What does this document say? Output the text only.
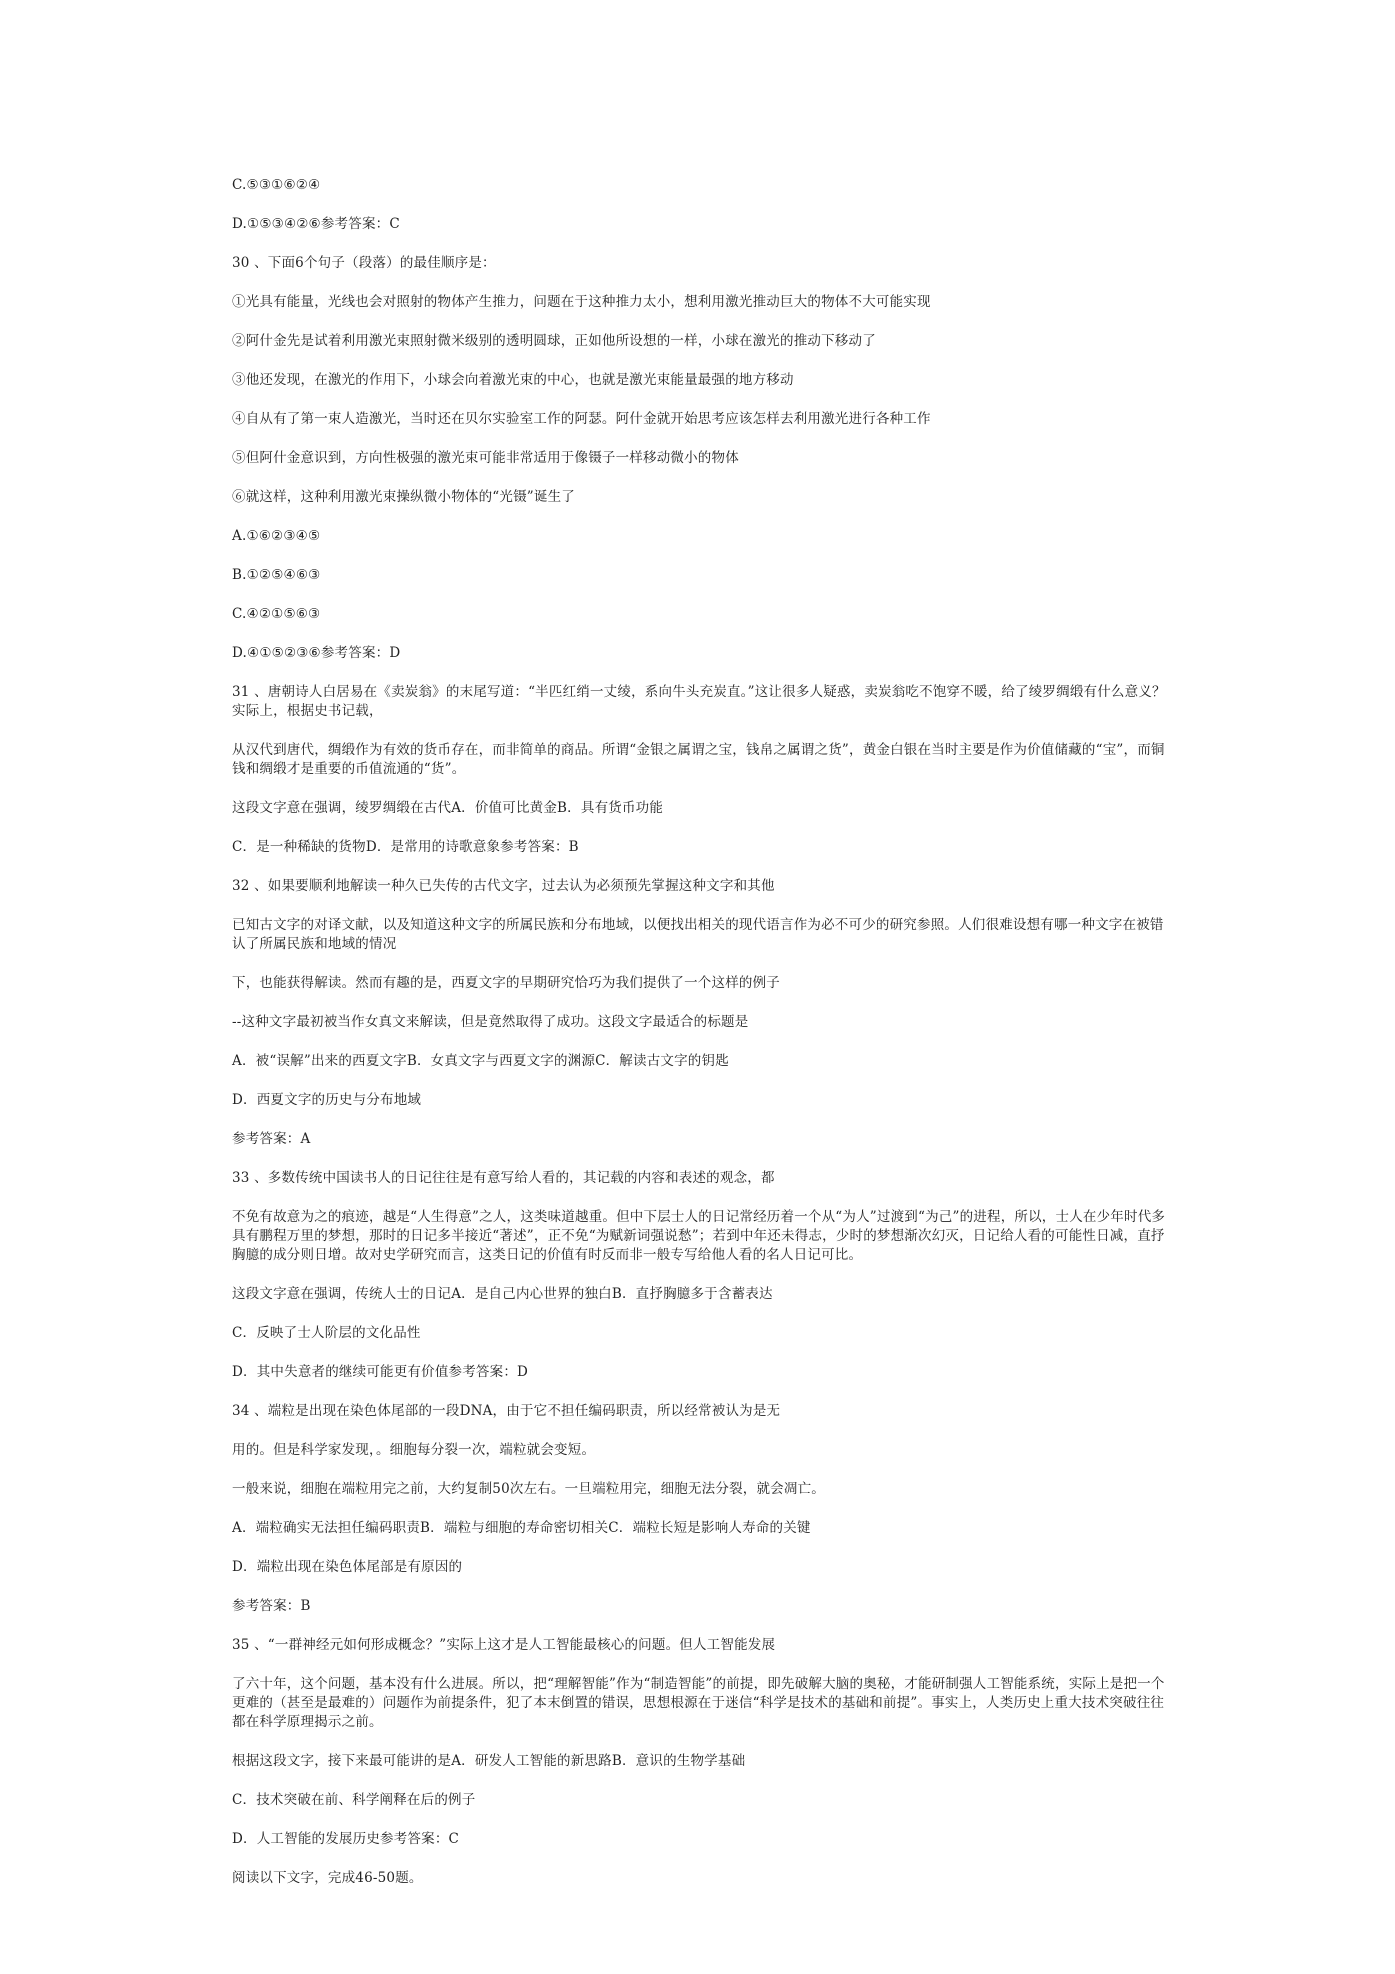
C.⑤③①⑥②④

D.①⑤③④②⑥参考答案：C

30 、下面6个句子（段落）的最佳顺序是：

①光具有能量，光线也会对照射的物体产生推力，问题在于这种推力太小，想利用激光推动巨大的物体不大可能实现

②阿什金先是试着利用激光束照射微米级别的透明圆球，正如他所设想的一样，小球在激光的推动下移动了

③他还发现，在激光的作用下，小球会向着激光束的中心，也就是激光束能量最强的地方移动

④自从有了第一束人造激光，当时还在贝尔实验室工作的阿瑟。阿什金就开始思考应该怎样去利用激光进行各种工作

⑤但阿什金意识到，方向性极强的激光束可能非常适用于像镊子一样移动微小的物体

⑥就这样，这种利用激光束操纵微小物体的“光镊”诞生了

A.①⑥②③④⑤

B.①②⑤④⑥③

C.④②①⑤⑥③

D.④①⑤②③⑥参考答案：D

31 、唐朝诗人白居易在《卖炭翁》的末尾写道：“半匹红绡一丈绫，系向牛头充炭直。”这让很多人疑惑，卖炭翁吃不饱穿不暖，给了绫罗绸缎有什么意义？实际上，根据史书记载，

从汉代到唐代，绸缎作为有效的货币存在，而非简单的商品。所谓“金银之属谓之宝，钱帛之属谓之货”，黄金白银在当时主要是作为价值储藏的“宝”，而铜钱和绸缎才是重要的币值流通的“货”。

这段文字意在强调，绫罗绸缎在古代A．价值可比黄金B．具有货币功能

C．是一种稀缺的货物D．是常用的诗歌意象参考答案：B

32 、如果要顺利地解读一种久已失传的古代文字，过去认为必须预先掌握这种文字和其他

已知古文字的对译文献，以及知道这种文字的所属民族和分布地域，以便找出相关的现代语言作为必不可少的研究参照。人们很难设想有哪一种文字在被错认了所属民族和地域的情况

下，也能获得解读。然而有趣的是，西夏文字的早期研究恰巧为我们提供了一个这样的例子

--这种文字最初被当作女真文来解读，但是竟然取得了成功。这段文字最适合的标题是

A．被“误解”出来的西夏文字B．女真文字与西夏文字的渊源C．解读古文字的钥匙

D．西夏文字的历史与分布地域

参考答案：A

33 、多数传统中国读书人的日记往往是有意写给人看的，其记载的内容和表述的观念，都

不免有故意为之的痕迹，越是“人生得意”之人，这类味道越重。但中下层士人的日记常经历着一个从“为人”过渡到“为己”的进程，所以，士人在少年时代多具有鹏程万里的梦想，那时的日记多半接近“著述”，正不免“为赋新词强说愁”；若到中年还未得志，少时的梦想渐次幻灭，日记给人看的可能性日减，直抒胸臆的成分则日增。故对史学研究而言，这类日记的价值有时反而非一般专写给他人看的名人日记可比。

这段文字意在强调，传统人士的日记A．是自己内心世界的独白B．直抒胸臆多于含蓄表达

C．反映了士人阶层的文化品性

D．其中失意者的继续可能更有价值参考答案：D

34 、端粒是出现在染色体尾部的一段DNA，由于它不担任编码职责，所以经常被认为是无

用的。但是科学家发现，。细胞每分裂一次，端粒就会变短。

一般来说，细胞在端粒用完之前，大约复制50次左右。一旦端粒用完，细胞无法分裂，就会凋亡。

A．端粒确实无法担任编码职责B．端粒与细胞的寿命密切相关C．端粒长短是影响人寿命的关键

D．端粒出现在染色体尾部是有原因的

参考答案：B

35 、“一群神经元如何形成概念？”实际上这才是人工智能最核心的问题。但人工智能发展

了六十年，这个问题，基本没有什么进展。所以，把“理解智能”作为“制造智能”的前提，即先破解大脑的奥秘，才能研制强人工智能系统，实际上是把一个更难的（甚至是最难的）问题作为前提条件，犯了本末倒置的错误，思想根源在于迷信“科学是技术的基础和前提”。事实上，人类历史上重大技术突破往往都在科学原理揭示之前。

根据这段文字，接下来最可能讲的是A．研发人工智能的新思路B．意识的生物学基础

C．技术突破在前、科学阐释在后的例子

D．人工智能的发展历史参考答案：C

阅读以下文字，完成46-50题。
